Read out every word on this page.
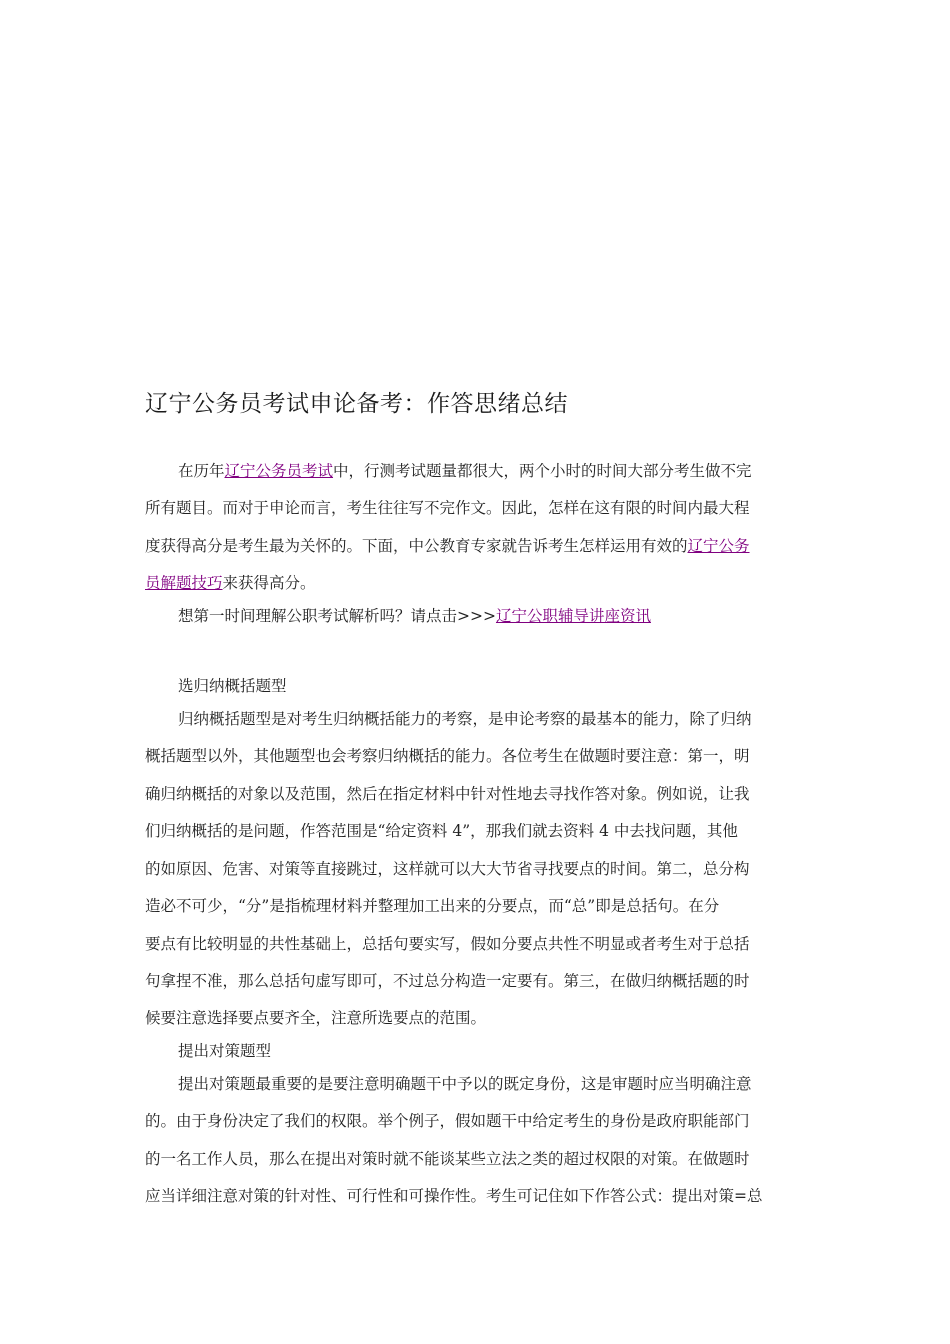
辽宁公务员考试申论备考：作答思绪总结
在历年辽宁公务员考试中，行测考试题量都很大，两个小时的时间大部分考生做不完
所有题目。而对于申论而言，考生往往写不完作文。因此，怎样在这有限的时间内最大程
度获得高分是考生最为关怀的。下面，中公教育专家就告诉考生怎样运用有效的辽宁公务
员解题技巧来获得高分。
想第一时间理解公职考试解析吗？请点击>>>辽宁公职辅导讲座资讯
选归纳概括题型
归纳概括题型是对考生归纳概括能力的考察，是申论考察的最基本的能力，除了归纳
概括题型以外，其他题型也会考察归纳概括的能力。各位考生在做题时要注意：第一，明
确归纳概括的对象以及范围，然后在指定材料中针对性地去寻找作答对象。例如说，让我
们归纳概括的是问题，作答范围是“给定资料 4”，那我们就去资料 4 中去找问题，其他
的如原因、危害、对策等直接跳过，这样就可以大大节省寻找要点的时间。第二，总分构
造必不可少，“分”是指梳理材料并整理加工出来的分要点，而“总”即是总括句。在分
要点有比较明显的共性基础上，总括句要实写，假如分要点共性不明显或者考生对于总括
句拿捏不准，那么总括句虚写即可，不过总分构造一定要有。第三，在做归纳概括题的时
候要注意选择要点要齐全，注意所选要点的范围。
提出对策题型
提出对策题最重要的是要注意明确题干中予以的既定身份，这是审题时应当明确注意
的。由于身份决定了我们的权限。举个例子，假如题干中给定考生的身份是政府职能部门
的一名工作人员，那么在提出对策时就不能谈某些立法之类的超过权限的对策。在做题时
应当详细注意对策的针对性、可行性和可操作性。考生可记住如下作答公式：提出对策=总
